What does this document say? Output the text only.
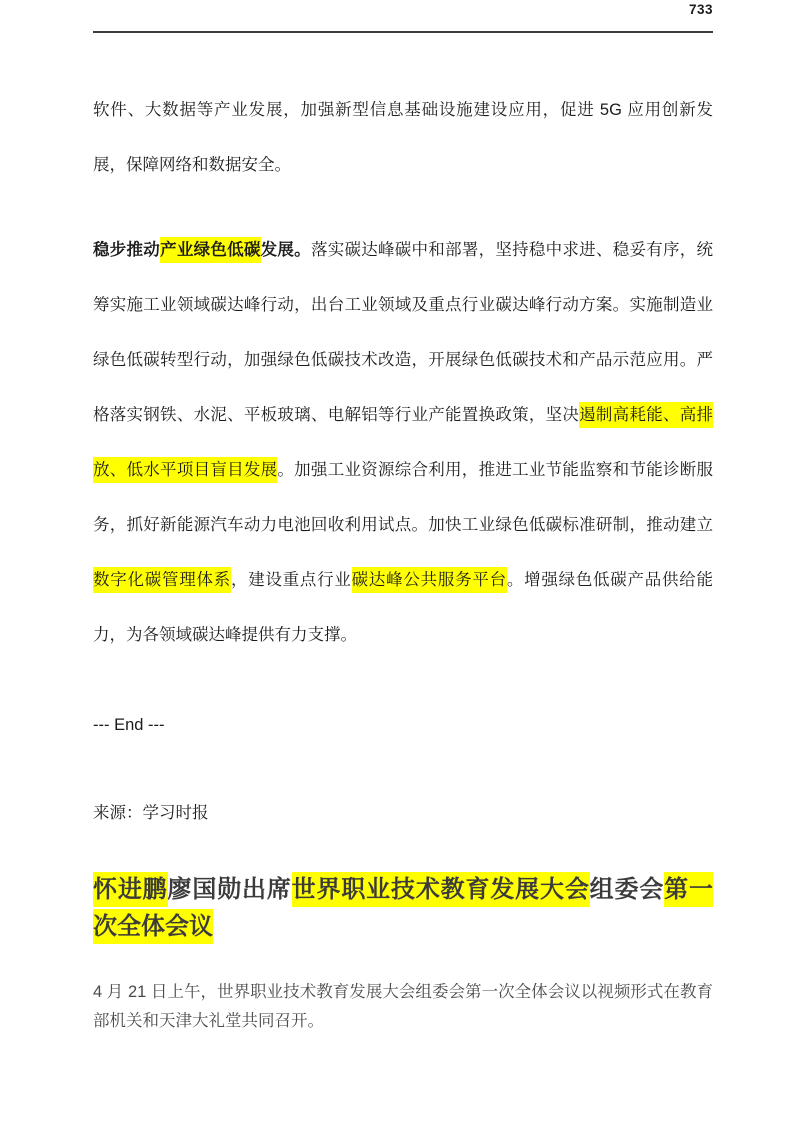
733

软件、大数据等产业发展，加强新型信息基础设施建设应用，促进 5G 应用创新发展，保障网络和数据安全。

稳步推动产业绿色低碳发展。落实碳达峰碳中和部署，坚持稳中求进、稳妥有序，统筹实施工业领域碳达峰行动，出台工业领域及重点行业碳达峰行动方案。实施制造业绿色低碳转型行动，加强绿色低碳技术改造，开展绿色低碳技术和产品示范应用。严格落实钢铁、水泥、平板玻璃、电解铝等行业产能置换政策，坚决遏制高耗能、高排放、低水平项目盲目发展。加强工业资源综合利用，推进工业节能监察和节能诊断服务，抓好新能源汽车动力电池回收利用试点。加快工业绿色低碳标准研制，推动建立数字化碳管理体系，建设重点行业碳达峰公共服务平台。增强绿色低碳产品供给能力，为各领域碳达峰提供有力支撑。

--- End ---

来源：学习时报

怀进鹏廖国勋出席世界职业技术教育发展大会组委会第一次全体会议

4 月 21 日上午，世界职业技术教育发展大会组委会第一次全体会议以视频形式在教育部机关和天津大礼堂共同召开。
